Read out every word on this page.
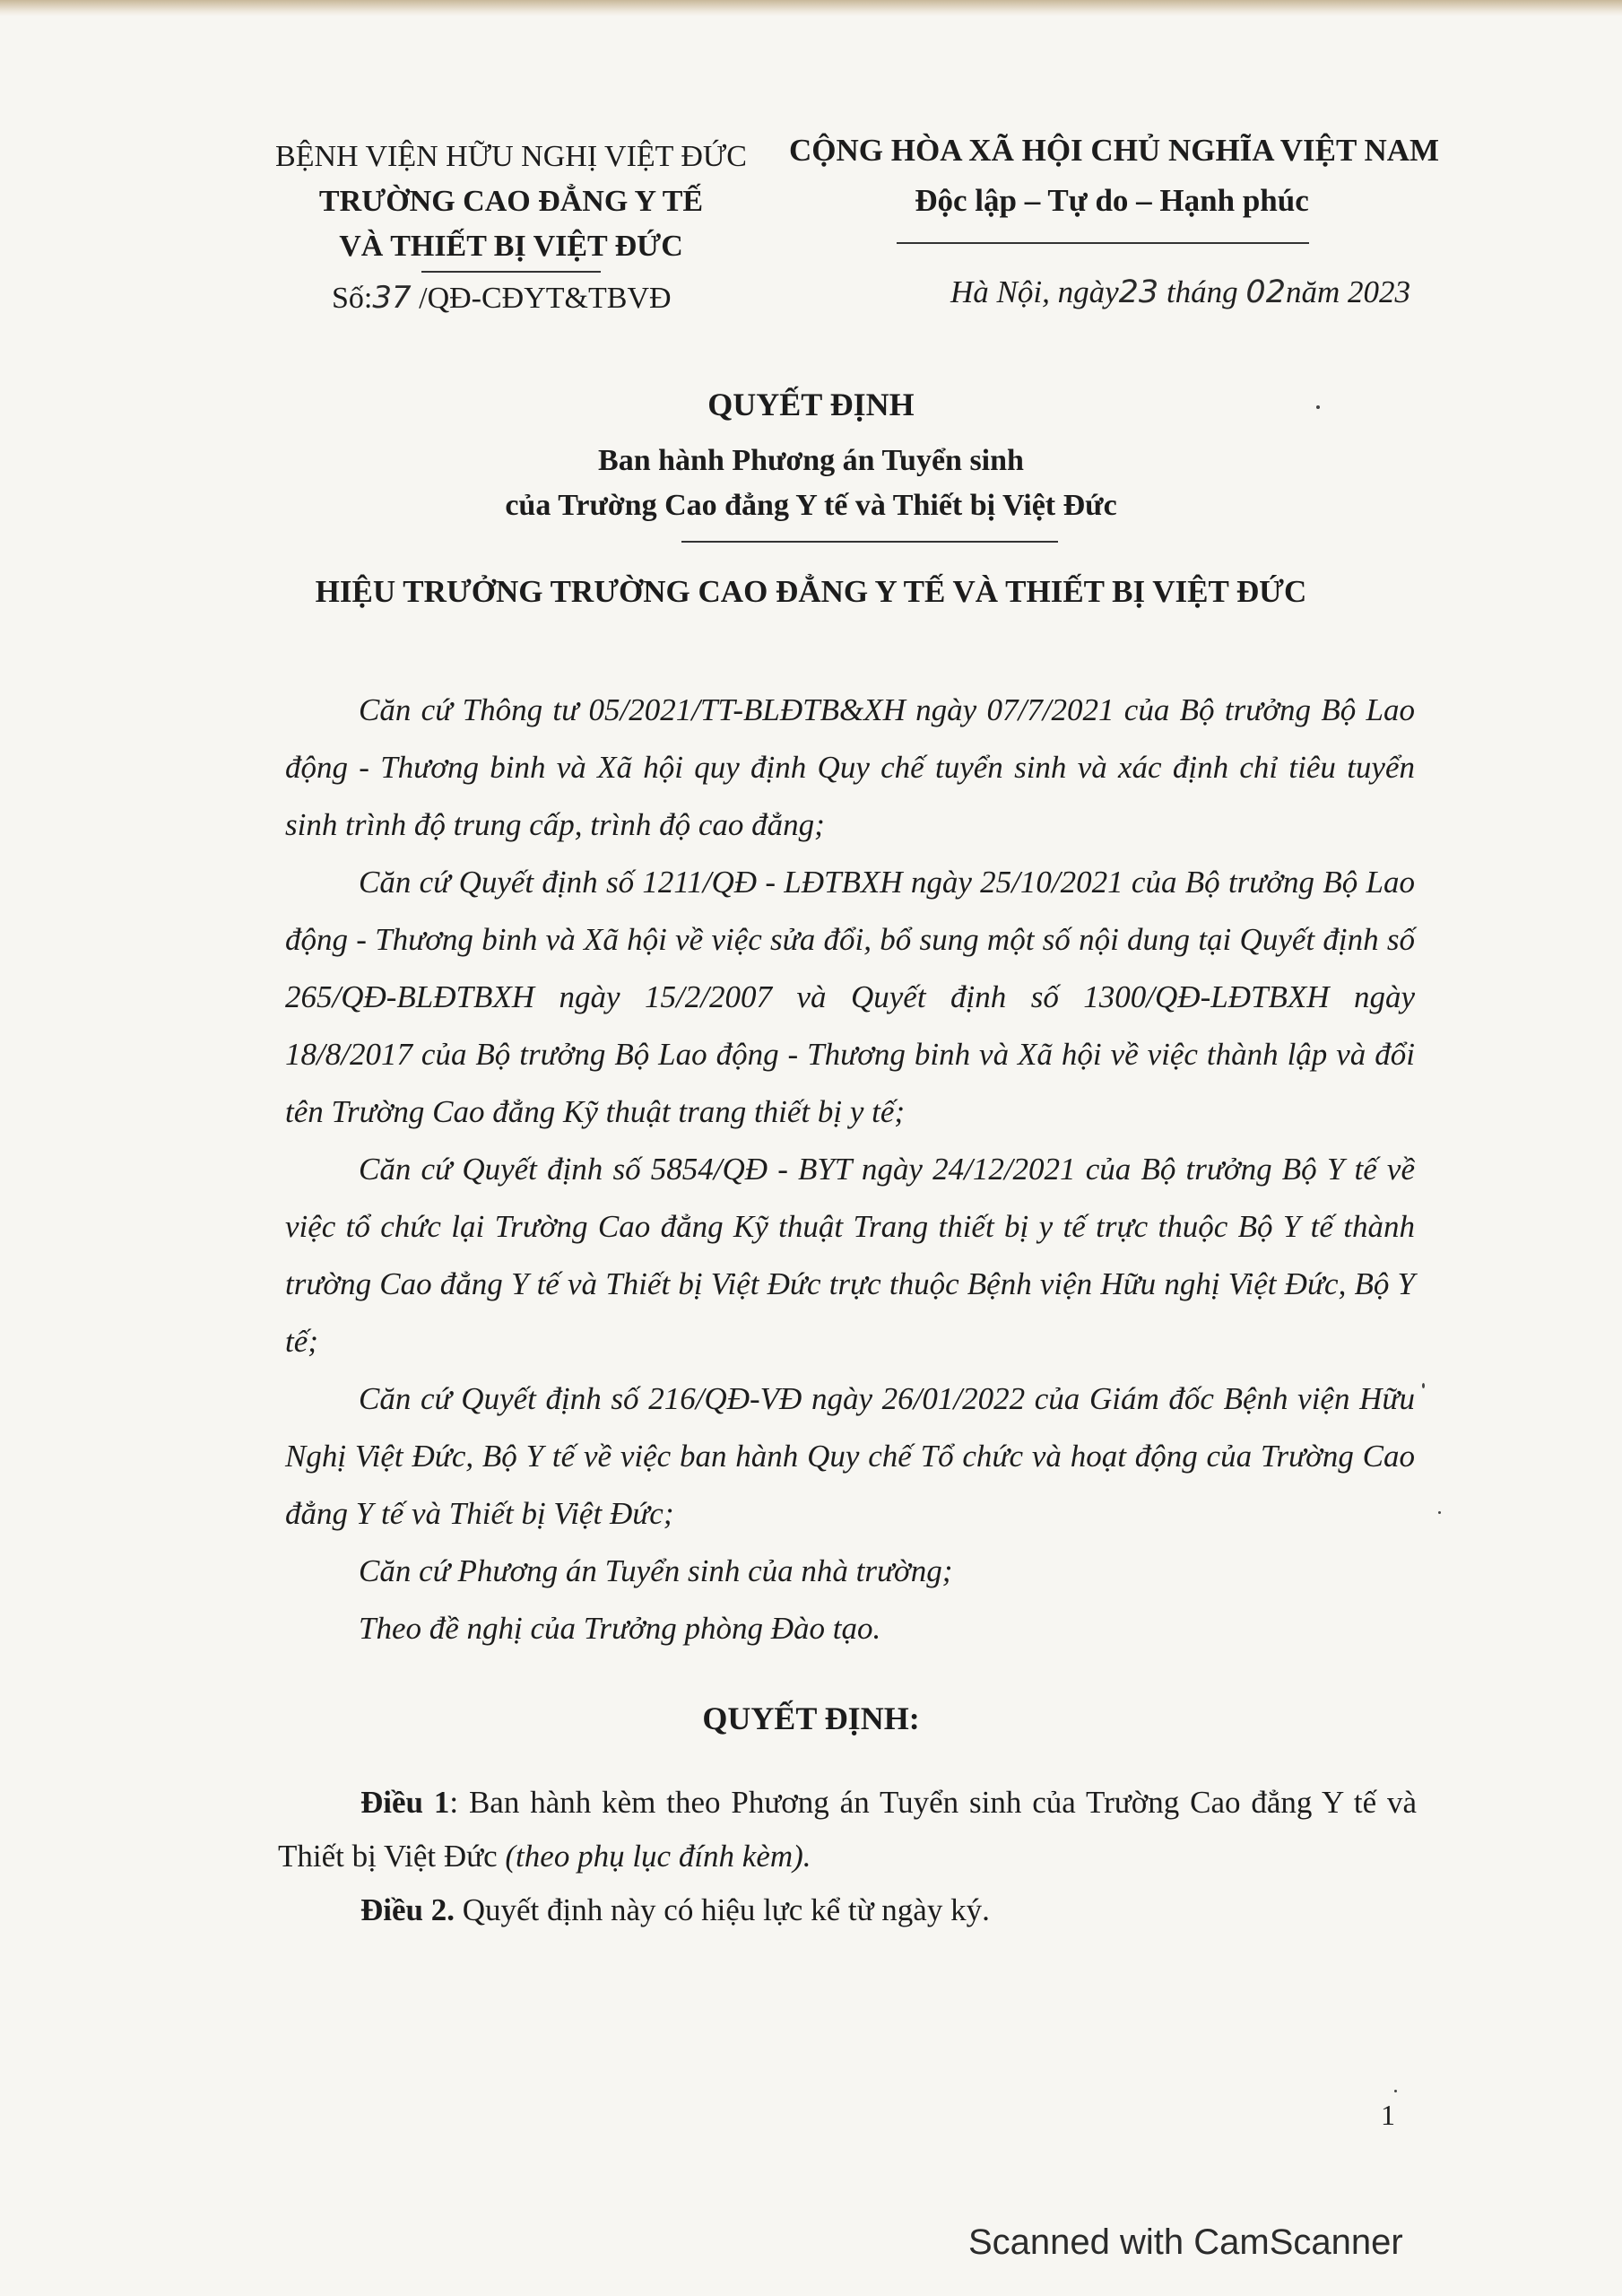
BỆNH VIỆN HỮU NGHỊ VIỆT ĐỨC
TRƯỜNG CAO ĐẲNG Y TẾ
VÀ THIẾT BỊ VIỆT ĐỨC
Số:37 /QĐ-CĐYT&TBVĐ
CỘNG HÒA XÃ HỘI CHỦ NGHĨA VIỆT NAM
Độc lập – Tự do – Hạnh phúc
Hà Nội, ngày23 tháng 02năm 2023
QUYẾT ĐỊNH
Ban hành Phương án Tuyển sinh
của Trường Cao đẳng Y tế và Thiết bị Việt Đức
HIỆU TRƯỞNG TRƯỜNG CAO ĐẲNG Y TẾ VÀ THIẾT BỊ VIỆT ĐỨC

Căn cứ Thông tư 05/2021/TT-BLĐTB&XH ngày 07/7/2021 của Bộ trưởng Bộ Lao động - Thương binh và Xã hội quy định Quy chế tuyển sinh và xác định chỉ tiêu tuyển sinh trình độ trung cấp, trình độ cao đẳng;

Căn cứ Quyết định số 1211/QĐ - LĐTBXH ngày 25/10/2021 của Bộ trưởng Bộ Lao động - Thương binh và Xã hội về việc sửa đổi, bổ sung một số nội dung tại Quyết định số 265/QĐ-BLĐTBXH ngày 15/2/2007 và Quyết định số 1300/QĐ-LĐTBXH ngày 18/8/2017 của Bộ trưởng Bộ Lao động - Thương binh và Xã hội về việc thành lập và đổi tên Trường Cao đẳng Kỹ thuật trang thiết bị y tế;

Căn cứ Quyết định số 5854/QĐ - BYT ngày 24/12/2021 của Bộ trưởng Bộ Y tế về việc tổ chức lại Trường Cao đẳng Kỹ thuật Trang thiết bị y tế trực thuộc Bộ Y tế thành trường Cao đẳng Y tế và Thiết bị Việt Đức trực thuộc Bệnh viện Hữu nghị Việt Đức, Bộ Y tế;

Căn cứ Quyết định số 216/QĐ-VĐ ngày 26/01/2022 của Giám đốc Bệnh viện Hữu Nghị Việt Đức, Bộ Y tế về việc ban hành Quy chế Tổ chức và hoạt động của Trường Cao đẳng Y tế và Thiết bị Việt Đức;

Căn cứ Phương án Tuyển sinh của nhà trường;

Theo đề nghị của Trưởng phòng Đào tạo.

QUYẾT ĐỊNH:

Điều 1: Ban hành kèm theo Phương án Tuyển sinh của Trường Cao đẳng Y tế và Thiết bị Việt Đức (theo phụ lục đính kèm).

Điều 2. Quyết định này có hiệu lực kể từ ngày ký.

1
Scanned with CamScanner
